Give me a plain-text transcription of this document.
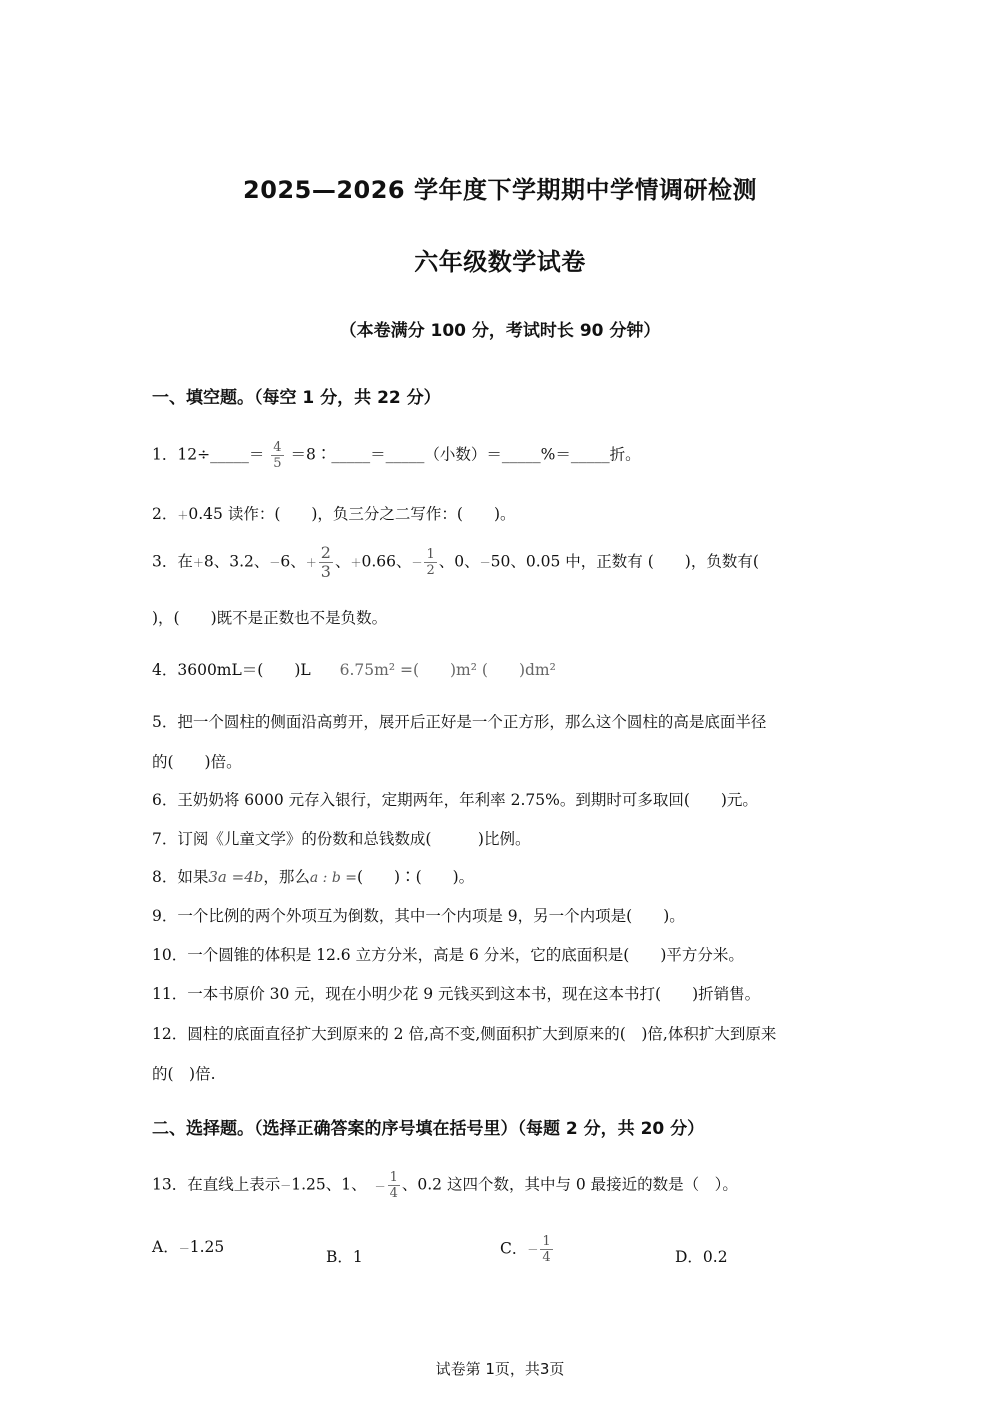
2025—2026 学年度下学期期中学情调研检测
六年级数学试卷
（本卷满分 100 分，考试时长 90 分钟）
一、填空题。（每空 1 分，共 22 分）
1．12÷_____＝ $\frac{4}{5}$ ＝8∶_____＝_____（小数）＝_____%＝_____折。
2．＋0.45 读作：(　　)，负三分之二写作：(　　)。
3．在＋8、3.2、－6、＋ $\frac{2}{3}$ 、＋0.66、－ $\frac{1}{2}$ 、0、－50、0.05 中，正数有 (　　)，负数有(
)，(　　)既不是正数也不是负数。
4．3600mL＝(　　)L 6.75m² =(　　)m² (　　)dm²
5．把一个圆柱的侧面沿高剪开，展开后正好是一个正方形，那么这个圆柱的高是底面半径
的(　　)倍。
6．王奶奶将 6000 元存入银行，定期两年，年利率 2.75%。到期时可多取回(　　)元。
7．订阅《儿童文学》的份数和总钱数成(　　　)比例。
8．如果3a =4b，那么a : b =(　　)∶(　　)。
9．一个比例的两个外项互为倒数，其中一个内项是 9，另一个内项是(　　)。
10．一个圆锥的体积是 12.6 立方分米，高是 6 分米，它的底面积是(　　)平方分米。
11．一本书原价 30 元，现在小明少花 9 元钱买到这本书，现在这本书打(　　)折销售。
12．圆柱的底面直径扩大到原来的 2 倍,高不变,侧面积扩大到原来的(　)倍,体积扩大到原来
的(　)倍.
二、选择题。（选择正确答案的序号填在括号里）（每题 2 分，共 20 分）
13．在直线上表示－1.25、1、 － $\frac{1}{4}$ 、0.2 这四个数，其中与 0 最接近的数是（　）。
A．－1.25
B．1	C．－ $\frac{1}{4}$	D．0.2
试卷第 1页，共3页
